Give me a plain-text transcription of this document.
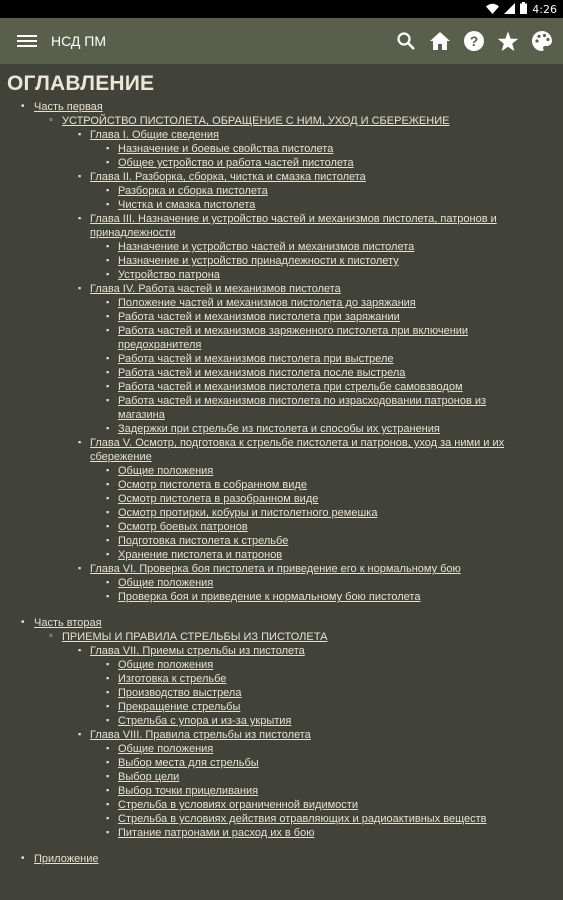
4:26
НСД ПМ	?
ОГЛАВЛЕНИЕ
• Часть первая
◦ УСТРОЙСТВО ПИСТОЛЕТА, ОБРАЩЕНИЕ С НИМ, УХОД И СБЕРЕЖЕНИЕ
▪ Глава I. Общие сведения
▪ Назначение и боевые свойства пистолета
▪ Общее устройство и работа частей пистолета
▪ Глава II. Разборка, сборка, чистка и смазка пистолета
▪ Разборка и сборка пистолета
▪ Чистка и смазка пистолета
▪ Глава III. Назначение и устройство частей и механизмов пистолета, патронов и принадлежности
▪ Назначение и устройство частей и механизмов пистолета
▪ Назначение и устройство принадлежности к пистолету
▪ Устройство патрона
▪ Глава IV. Работа частей и механизмов пистолета
▪ Положение частей и механизмов пистолета до заряжания
▪ Работа частей и механизмов пистолета при заряжании
▪ Работа частей и механизмов заряженного пистолета при включении предохранителя
▪ Работа частей и механизмов пистолета при выстреле
▪ Работа частей и механизмов пистолета после выстрела
▪ Работа частей и механизмов пистолета при стрельбе самовзводом
▪ Работа частей и механизмов пистолета по израсходовании патронов из магазина
▪ Задержки при стрельбе из пистолета и способы их устранения
▪ Глава V. Осмотр, подготовка к стрельбе пистолета и патронов, уход за ними и их сбережение
▪ Общие положения
▪ Осмотр пистолета в собранном виде
▪ Осмотр пистолета в разобранном виде
▪ Осмотр протирки, кобуры и пистолетного ремешка
▪ Осмотр боевых патронов
▪ Подготовка пистолета к стрельбе
▪ Хранение пистолета и патронов
▪ Глава VI. Проверка боя пистолета и приведение его к нормальному бою
▪ Общие положения
▪ Проверка боя и приведение к нормальному бою пистолета
• Часть вторая
◦ ПРИЕМЫ И ПРАВИЛА СТРЕЛЬБЫ ИЗ ПИСТОЛЕТА
▪ Глава VII. Приемы стрельбы из пистолета
▪ Общие положения
▪ Изготовка к стрельбе
▪ Производство выстрела
▪ Прекращение стрельбы
▪ Стрельба с упора и из-за укрытия
▪ Глава VIII. Правила стрельбы из пистолета
▪ Общие положения
▪ Выбор места для стрельбы
▪ Выбор цели
▪ Выбор точки прицеливания
▪ Стрельба в условиях ограниченной видимости
▪ Стрельба в условиях действия отравляющих и радиоактивных веществ
▪ Питание патронами и расход их в бою
• Приложение
